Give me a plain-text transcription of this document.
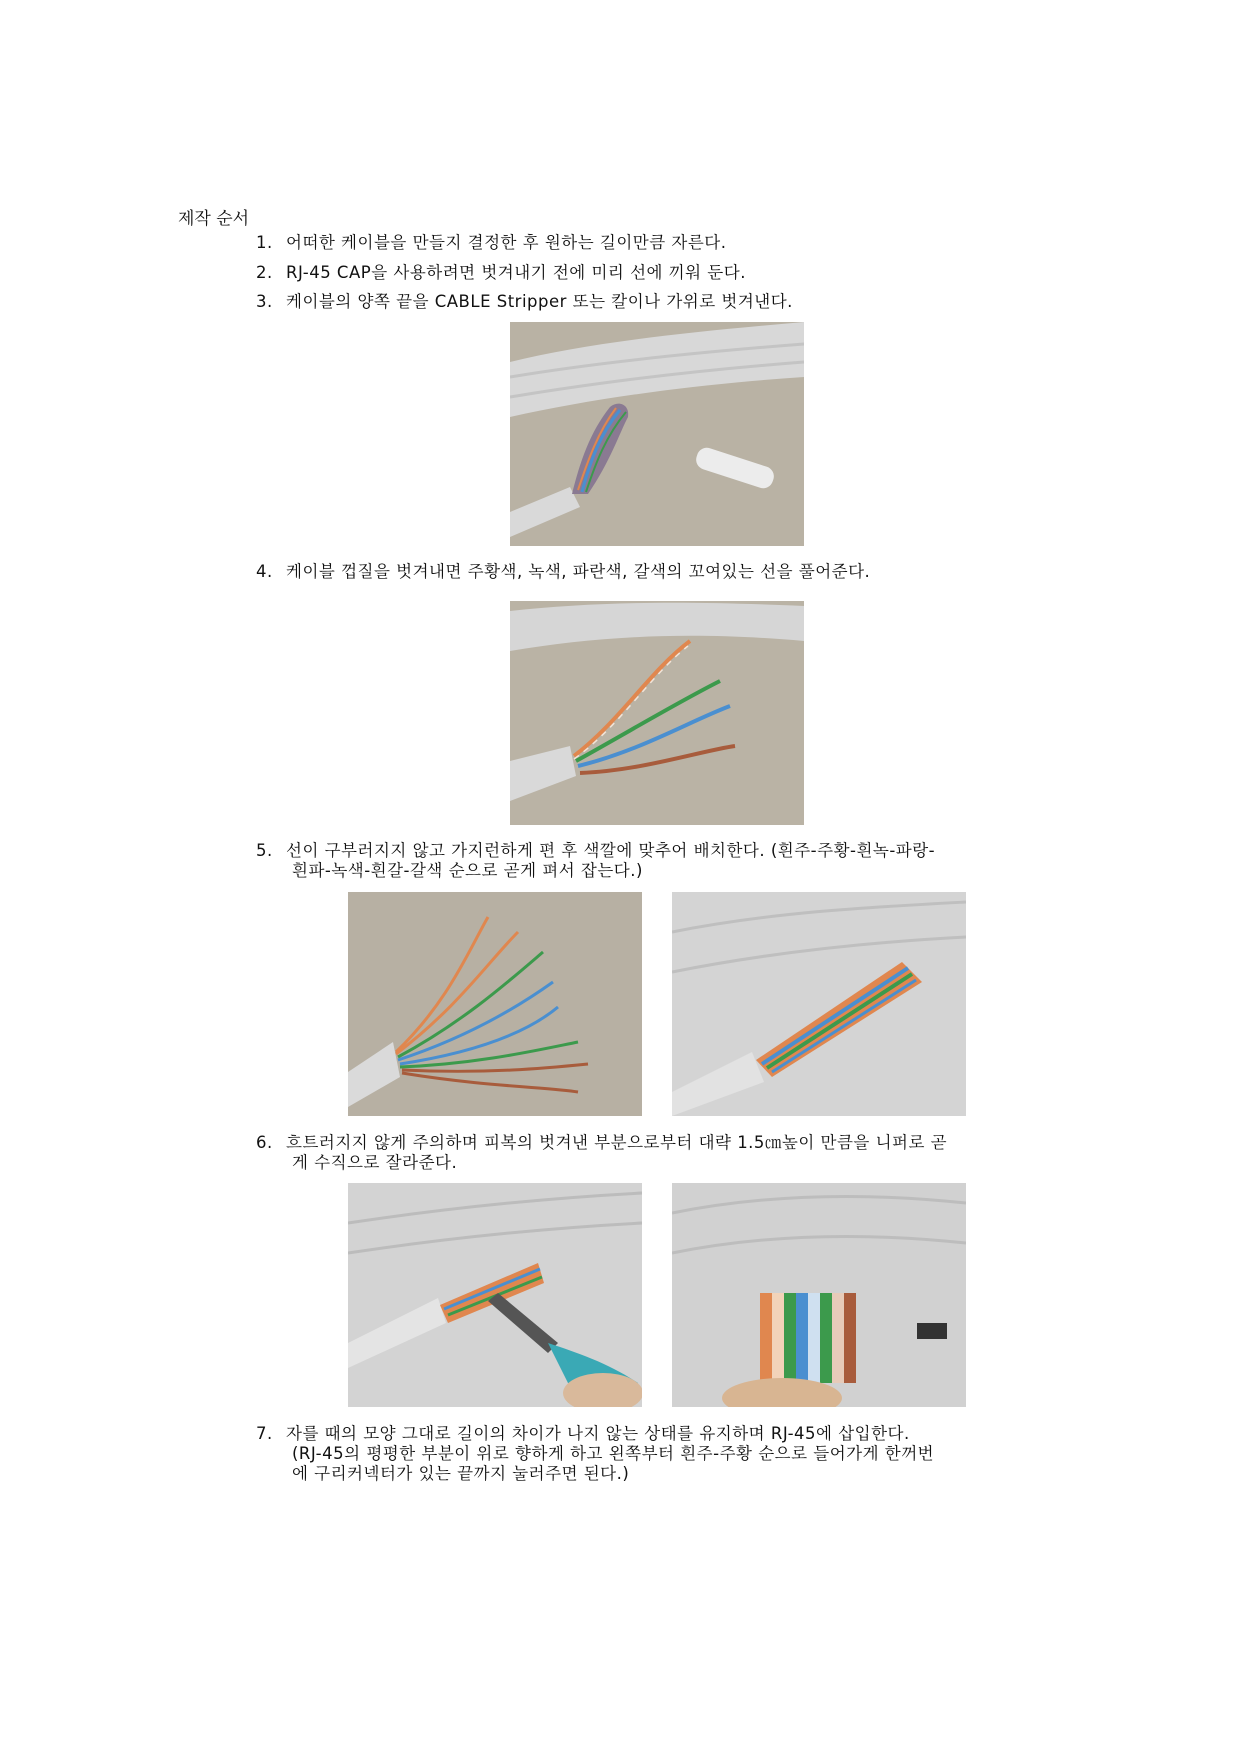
제작 순서
1. 어떠한 케이블을 만들지 결정한 후 원하는 길이만큼 자른다.
2. RJ-45 CAP을 사용하려면 벗겨내기 전에 미리 선에 끼워 둔다.
3. 케이블의 양쪽 끝을 CABLE Stripper 또는 칼이나 가위로 벗겨낸다.
4. 케이블 껍질을 벗겨내면 주황색, 녹색, 파란색, 갈색의 꼬여있는 선을 풀어준다.
5. 선이 구부러지지 않고 가지런하게 편 후 색깔에 맞추어 배치한다. (흰주-주황-흰녹-파랑-
흰파-녹색-흰갈-갈색 순으로 곧게 펴서 잡는다.)
6. 흐트러지지 않게 주의하며 피복의 벗겨낸 부분으로부터 대략 1.5㎝높이 만큼을 니퍼로 곧
게 수직으로 잘라준다.
7. 자를 때의 모양 그대로 길이의 차이가 나지 않는 상태를 유지하며 RJ-45에 삽입한다.
(RJ-45의 평평한 부분이 위로 향하게 하고 왼쪽부터 흰주-주황 순으로 들어가게 한꺼번
에 구리커넥터가 있는 끝까지 눌러주면 된다.)
